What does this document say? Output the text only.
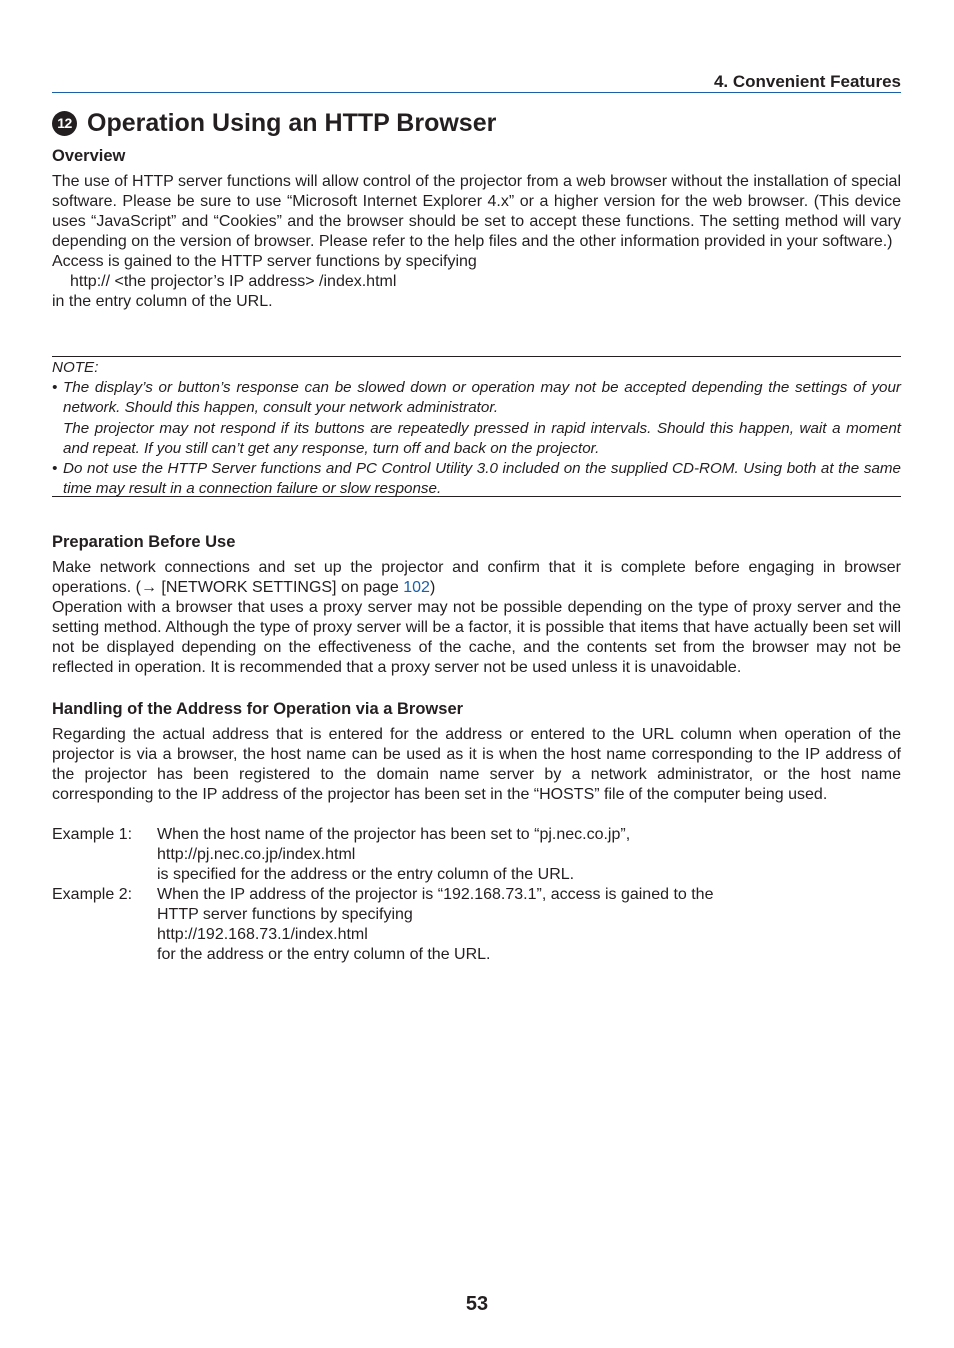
4. Convenient Features
12 Operation Using an HTTP Browser
Overview

The use of HTTP server functions will allow control of the projector from a web browser without the installation of special software. Please be sure to use “Microsoft Internet Explorer 4.x” or a higher version for the web browser. (This device uses “JavaScript” and “Cookies” and the browser should be set to accept these functions. The setting method will vary depending on the version of browser. Please refer to the help files and the other information provided in your software.)

Access is gained to the HTTP server functions by specifying

http:// <the projector’s IP address> /index.html

in the entry column of the URL.

NOTE:

• The display’s or button’s response can be slowed down or operation may not be accepted depending the settings of your network. Should this happen, consult your network administrator.

The projector may not respond if its buttons are repeatedly pressed in rapid intervals. Should this happen, wait a moment and repeat. If you still can’t get any response, turn off and back on the projector.

• Do not use the HTTP Server functions and PC Control Utility 3.0 included on the supplied CD-ROM. Using both at the same time may result in a connection failure or slow response.

Preparation Before Use

Make network connections and set up the projector and confirm that it is complete before engaging in browser operations. (→ [NETWORK SETTINGS] on page 102)

Operation with a browser that uses a proxy server may not be possible depending on the type of proxy server and the setting method. Although the type of proxy server will be a factor, it is possible that items that have actually been set will not be displayed depending on the effectiveness of the cache, and the contents set from the browser may not be reflected in operation. It is recommended that a proxy server not be used unless it is unavoidable.

Handling of the Address for Operation via a Browser
Regarding the actual address that is entered for the address or entered to the URL column when operation of the projector is via a browser, the host name can be used as it is when the host name corresponding to the IP address of the projector has been registered to the domain name server by a network administrator, or the host name corresponding to the IP address of the projector has been set in the “HOSTS” file of the computer being used.
Example 1:	When the host name of the projector has been set to “pj.nec.co.jp”,
http://pj.nec.co.jp/index.html
is specified for the address or the entry column of the URL.
Example 2:	When the IP address of the projector is “192.168.73.1”, access is gained to the
HTTP server functions by specifying
http://192.168.73.1/index.html
for the address or the entry column of the URL.
53
